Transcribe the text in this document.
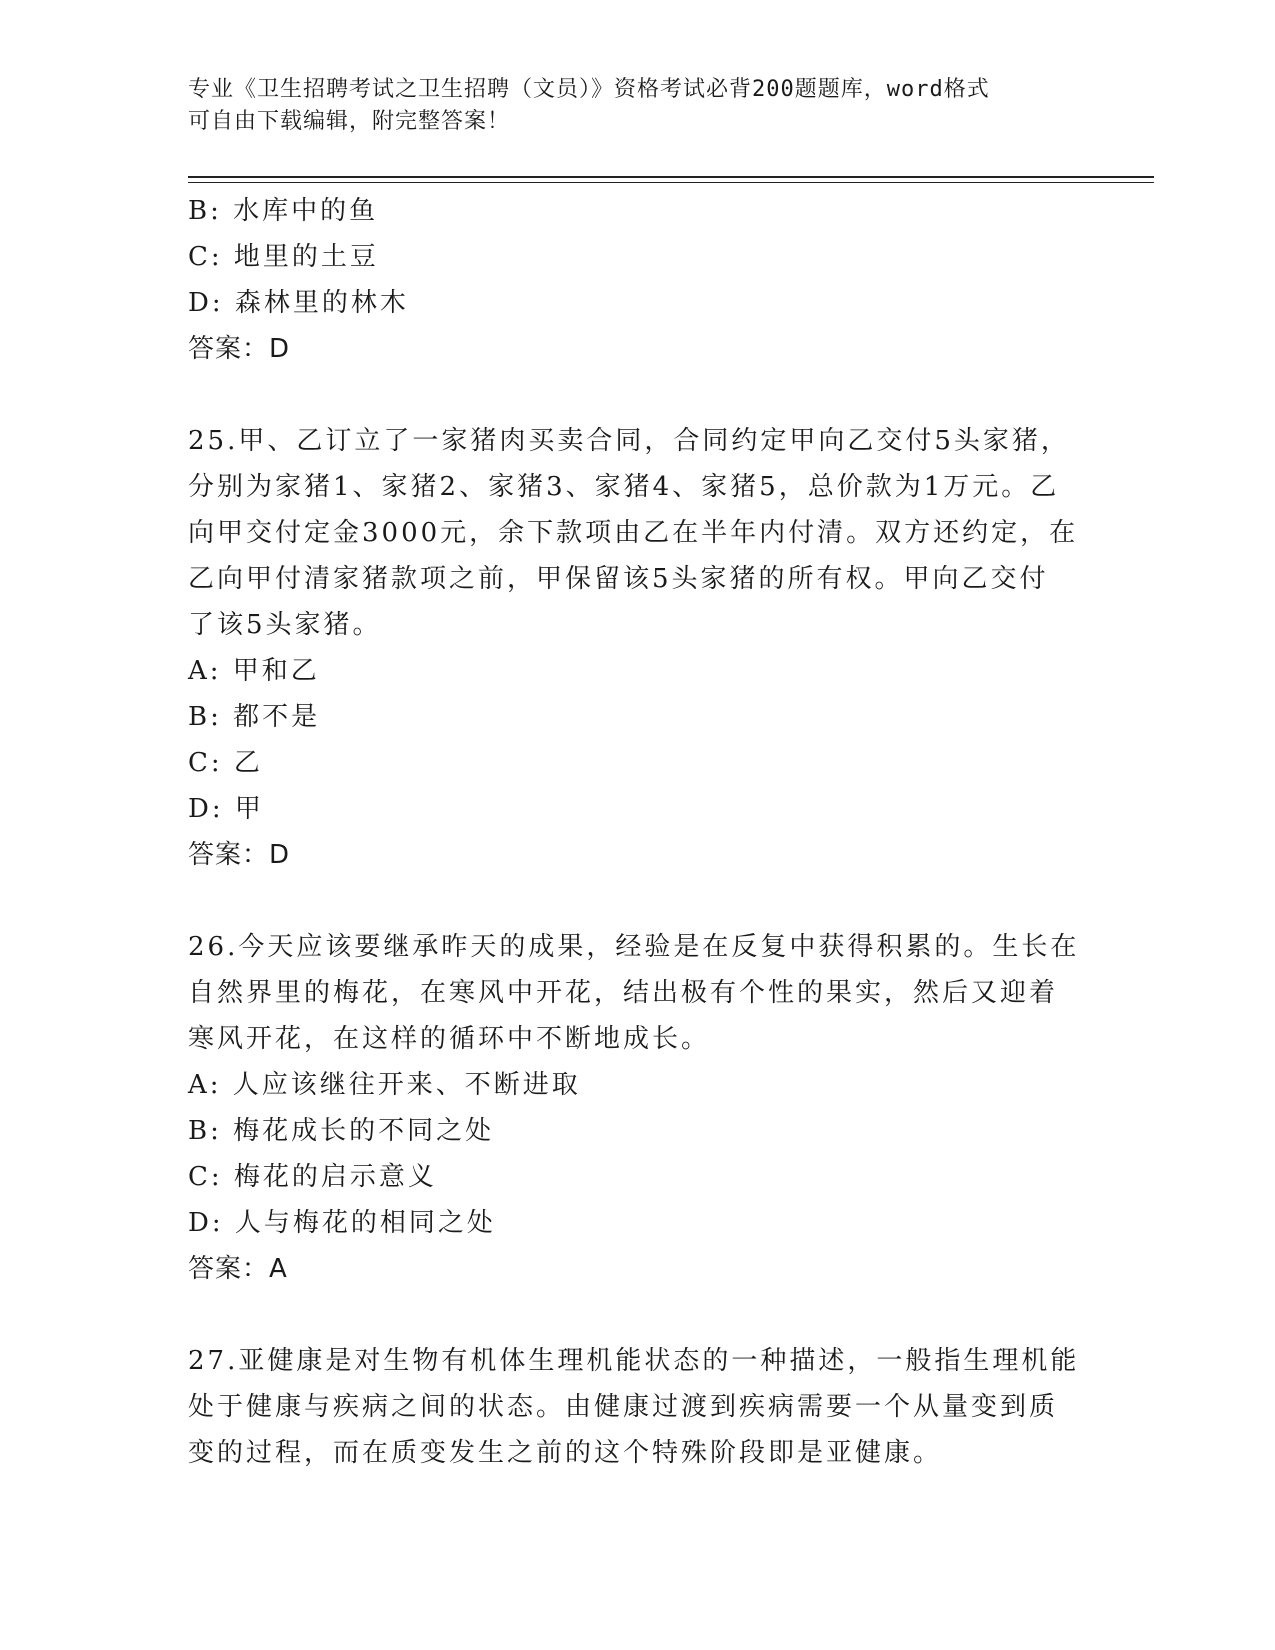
专业《卫生招聘考试之卫生招聘（文员）》资格考试必背200题题库，word格式
可自由下载编辑，附完整答案！
B: 水库中的鱼
C: 地里的土豆
D: 森林里的林木
答案：D
25.甲、乙订立了一家猪肉买卖合同，合同约定甲向乙交付5头家猪，
分别为家猪1、家猪2、家猪3、家猪4、家猪5，总价款为1万元。乙
向甲交付定金3000元，余下款项由乙在半年内付清。双方还约定，在
乙向甲付清家猪款项之前，甲保留该5头家猪的所有权。甲向乙交付
了该5头家猪。
A: 甲和乙
B: 都不是
C: 乙
D: 甲
答案：D
26.今天应该要继承昨天的成果，经验是在反复中获得积累的。生长在
自然界里的梅花，在寒风中开花，结出极有个性的果实，然后又迎着
寒风开花，在这样的循环中不断地成长。
A: 人应该继往开来、不断进取
B: 梅花成长的不同之处
C: 梅花的启示意义
D: 人与梅花的相同之处
答案：A
27.亚健康是对生物有机体生理机能状态的一种描述，一般指生理机能
处于健康与疾病之间的状态。由健康过渡到疾病需要一个从量变到质
变的过程，而在质变发生之前的这个特殊阶段即是亚健康。
